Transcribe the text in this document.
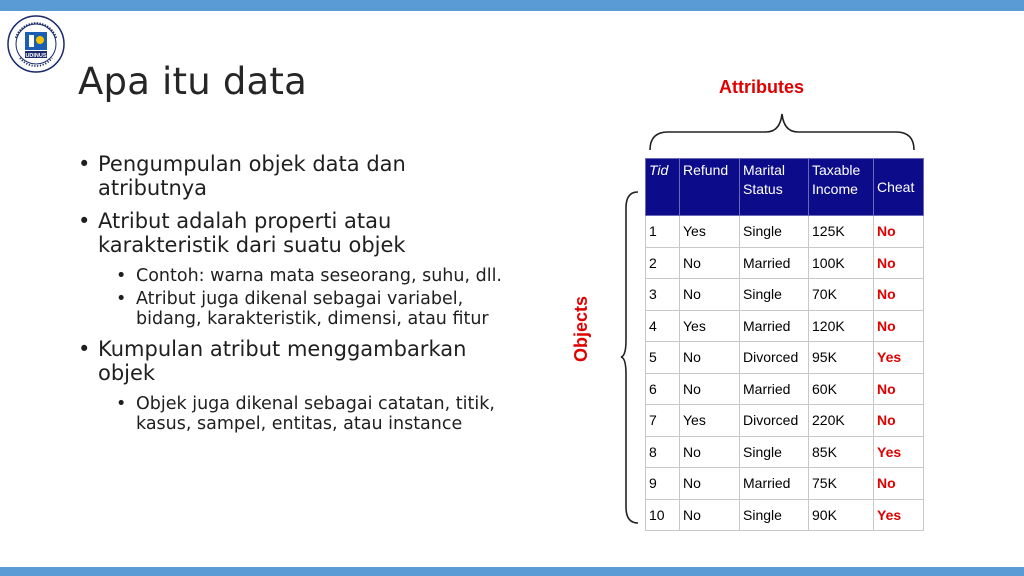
UDINUS
Apa itu data
• Pengumpulan objek data dan atributnya
• Atribut adalah properti atau karakteristik dari suatu objek
• Contoh: warna mata seseorang, suhu, dll.
• Atribut juga dikenal sebagai variabel, bidang, karakteristik, dimensi, atau fitur
• Kumpulan atribut menggambarkan objek
• Objek juga dikenal sebagai catatan, titik, kasus, sampel, entitas, atau instance
Attributes
Objects
Tid	Refund	Marital Status	Taxable Income	Cheat
1	Yes	Single	125K	No
2	No	Married	100K	No
3	No	Single	70K	No
4	Yes	Married	120K	No
5	No	Divorced	95K	Yes
6	No	Married	60K	No
7	Yes	Divorced	220K	No
8	No	Single	85K	Yes
9	No	Married	75K	No
10	No	Single	90K	Yes
